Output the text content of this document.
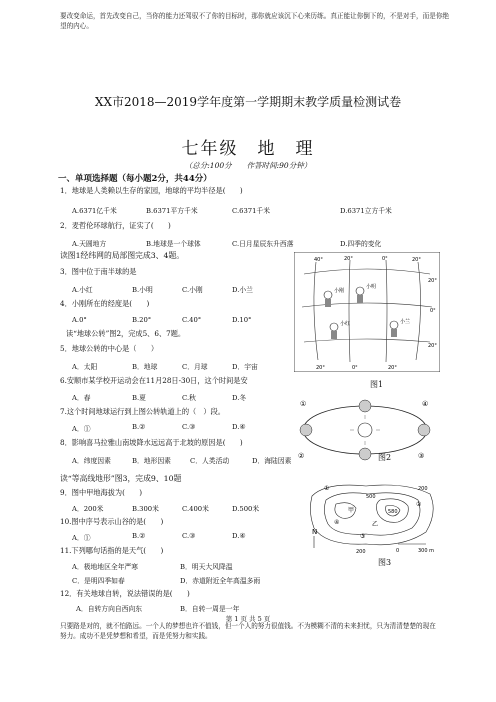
要改变命运，首先改变自己，当你的能力还驾驭不了你的目标时，那你就应该沉下心来历练。真正能让你倒下的，不是对手，而是你绝望的内心。
XX市2018—2019学年度第一学期期末教学质量检测试卷
七年级　地　理
（总分:100分　　作答时间:90分钟）
一、单项选择题（每小题2分，共44分）
1．地球是人类赖以生存的家园，地球的平均半径是(　　)
A.6371亿千米	B.6371平方千米	C.6371千米	D.6371立方千米
2．麦哲伦环球航行，证实了(　　)
A.天圆地方	B.地球是一个球体	C.日月星辰东升西落	D.四季的变化
读图1经纬网的局部图完成3、4题。
3．图中位于南半球的是
A.小红	B.小明	C.小刚	D.小兰
4．小刚所在的经度是(　　)
A.0°	B.20°	C.40°	D.10°
读“地球公转”图2，完成5、6、7题。
5．地球公转的中心是（　　）
A．太阳	B．地球	C．月球	D．宇宙
6.安顺市某学校开运动会在11月28日-30日，这个时间是安
A．春	B.夏	C.秋	D.冬
7.这个时间地球运行到上图公转轨道上的（　）段。
A．①	B.②	C.③	D.④
8．影响喜马拉雅山南坡降水远远高于北坡的原因是(　　)
A．纬度因素	B．地形因素	C．人类活动	D．海陆因素
读“等高线地形”图3，完成9、10题
9．图中甲地海拔为(　　)
A．200米	B.300米	C.400米	D.500米
10.图中序号表示山谷的是(　　)
A．①	B.②	C.③	D.④
11.下列哪句话指的是天气(　　)
A．极地地区全年严寒	B．明天大风降温
C．是明四季如春	D．赤道附近全年高温多雨
12．有关地球自转，说法错误的是(　　)
A．自转方向自西向东	B．自转一周是一年
40°	20°	0°	20°
20°
0°
20°
20°	0°	20°
小刚
小明
小红	小兰
图1
①
②	③
④
图2
N
200
500
580
200
甲
乙
①
②
③
④
0	300 m
图3
第 1 页 共 5 页
只要路是对的，就不怕路远。一个人的梦想也许不值钱，但一个人的努力很值钱。不为模糊不清的未来担忧，只为清清楚楚的现在努力。成功不是凭梦想和希望，而是凭努力和实践。
